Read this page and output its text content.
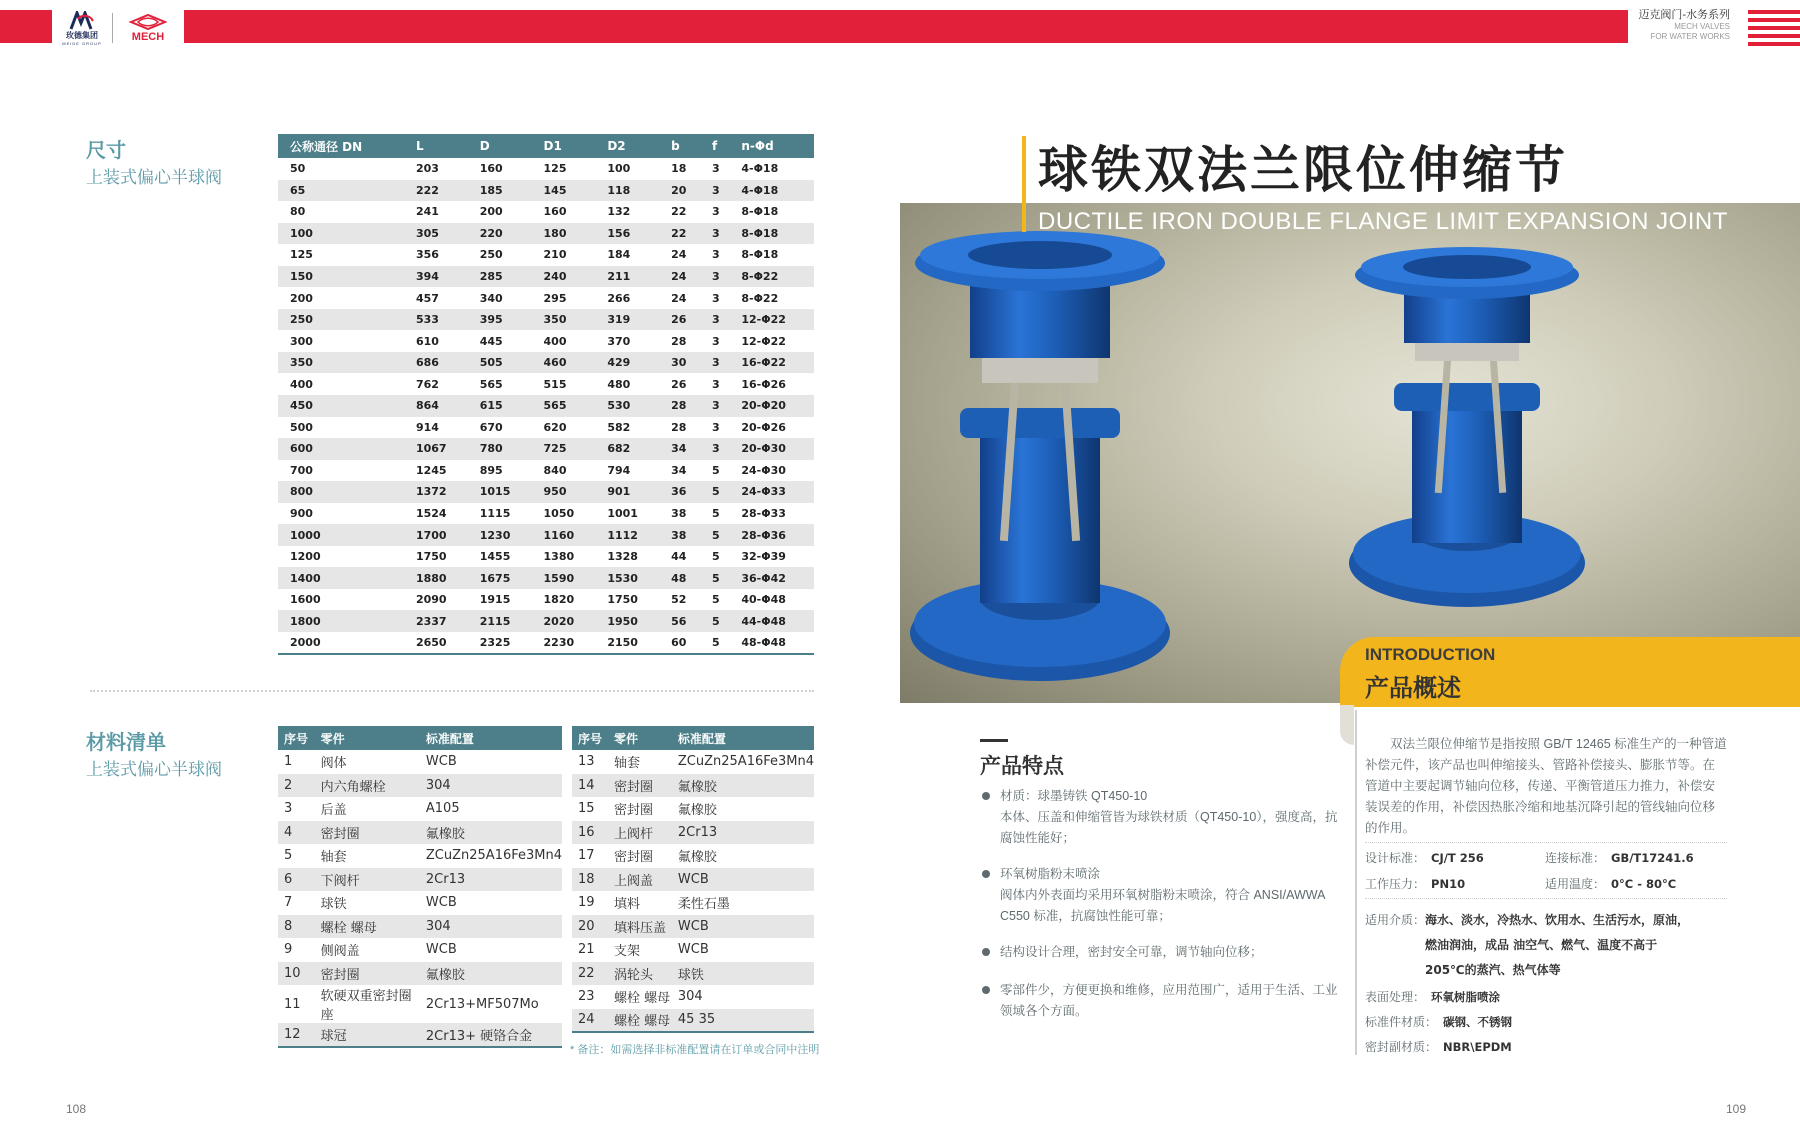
玫德集团
MEIDE GROUP
MECH
迈克阀门-水务系列
MECH VALVES
FOR WATER WORKS
尺寸
上装式偏心半球阀
公称通径 DN	L	D	D1	D2	b	f	n-Φd
50	203	160	125	100	18	3	4-Φ18
65	222	185	145	118	20	3	4-Φ18
80	241	200	160	132	22	3	8-Φ18
100	305	220	180	156	22	3	8-Φ18
125	356	250	210	184	24	3	8-Φ18
150	394	285	240	211	24	3	8-Φ22
200	457	340	295	266	24	3	8-Φ22
250	533	395	350	319	26	3	12-Φ22
300	610	445	400	370	28	3	12-Φ22
350	686	505	460	429	30	3	16-Φ22
400	762	565	515	480	26	3	16-Φ26
450	864	615	565	530	28	3	20-Φ20
500	914	670	620	582	28	3	20-Φ26
600	1067	780	725	682	34	3	20-Φ30
700	1245	895	840	794	34	5	24-Φ30
800	1372	1015	950	901	36	5	24-Φ33
900	1524	1115	1050	1001	38	5	28-Φ33
1000	1700	1230	1160	1112	38	5	28-Φ36
1200	1750	1455	1380	1328	44	5	32-Φ39
1400	1880	1675	1590	1530	48	5	36-Φ42
1600	2090	1915	1820	1750	52	5	40-Φ48
1800	2337	2115	2020	1950	56	5	44-Φ48
2000	2650	2325	2230	2150	60	5	48-Φ48
材料清单
上装式偏心半球阀
序号	零件	标准配置
1	阀体	WCB
2	内六角螺栓	304
3	后盖	A105
4	密封圈	氟橡胶
5	轴套	ZCuZn25A16Fe3Mn4
6	下阀杆	2Cr13
7	球铁	WCB
8	螺栓 螺母	304
9	侧阀盖	WCB
10	密封圈	氟橡胶
11	软硬双重密封圈座	2Cr13+MF507Mo
12	球冠	2Cr13+ 硬铬合金
序号	零件	标准配置
13	轴套	ZCuZn25A16Fe3Mn4
14	密封圈	氟橡胶
15	密封圈	氟橡胶
16	上阀杆	2Cr13
17	密封圈	氟橡胶
18	上阀盖	WCB
19	填料	柔性石墨
20	填料压盖	WCB
21	支架	WCB
22	涡轮头	球铁
23	螺栓 螺母	304
24	螺栓 螺母	45 35
* 备注：如需选择非标准配置请在订单或合同中注明
108
球铁双法兰限位伸缩节
DUCTILE IRON DOUBLE FLANGE LIMIT EXPANSION JOINT
INTRODUCTION
产品概述
双法兰限位伸缩节是指按照 GB/T 12465 标准生产的一种管道补偿元件，该产品也叫伸缩接头、管路补偿接头、膨胀节等。在管道中主要起调节轴向位移，传递、平衡管道压力推力，补偿安装误差的作用，补偿因热胀冷缩和地基沉降引起的管线轴向位移的作用。
设计标准： CJ/T 256	连接标准： GB/T17241.6
工作压力： PN10	适用温度： 0°C - 80°C
适用介质：海水、淡水，冷热水、饮用水、生活污水，原油，
燃油润油，成品 油空气、燃气、温度不高于
205℃的蒸汽、热气体等
表面处理： 环氧树脂喷涂
标准件材质： 碳钢、不锈钢
密封副材质： NBR\EPDM
产品特点
材质：球墨铸铁 QT450-10
本体、压盖和伸缩管皆为球铁材质（QT450-10），强度高，抗腐蚀性能好；
环氧树脂粉末喷涂
阀体内外表面均采用环氧树脂粉末喷涂，符合 ANSI/AWWA C550 标准，抗腐蚀性能可靠；
结构设计合理，密封安全可靠，调节轴向位移；
零部件少，方便更换和维修，应用范围广，适用于生活、工业领域各个方面。
109
